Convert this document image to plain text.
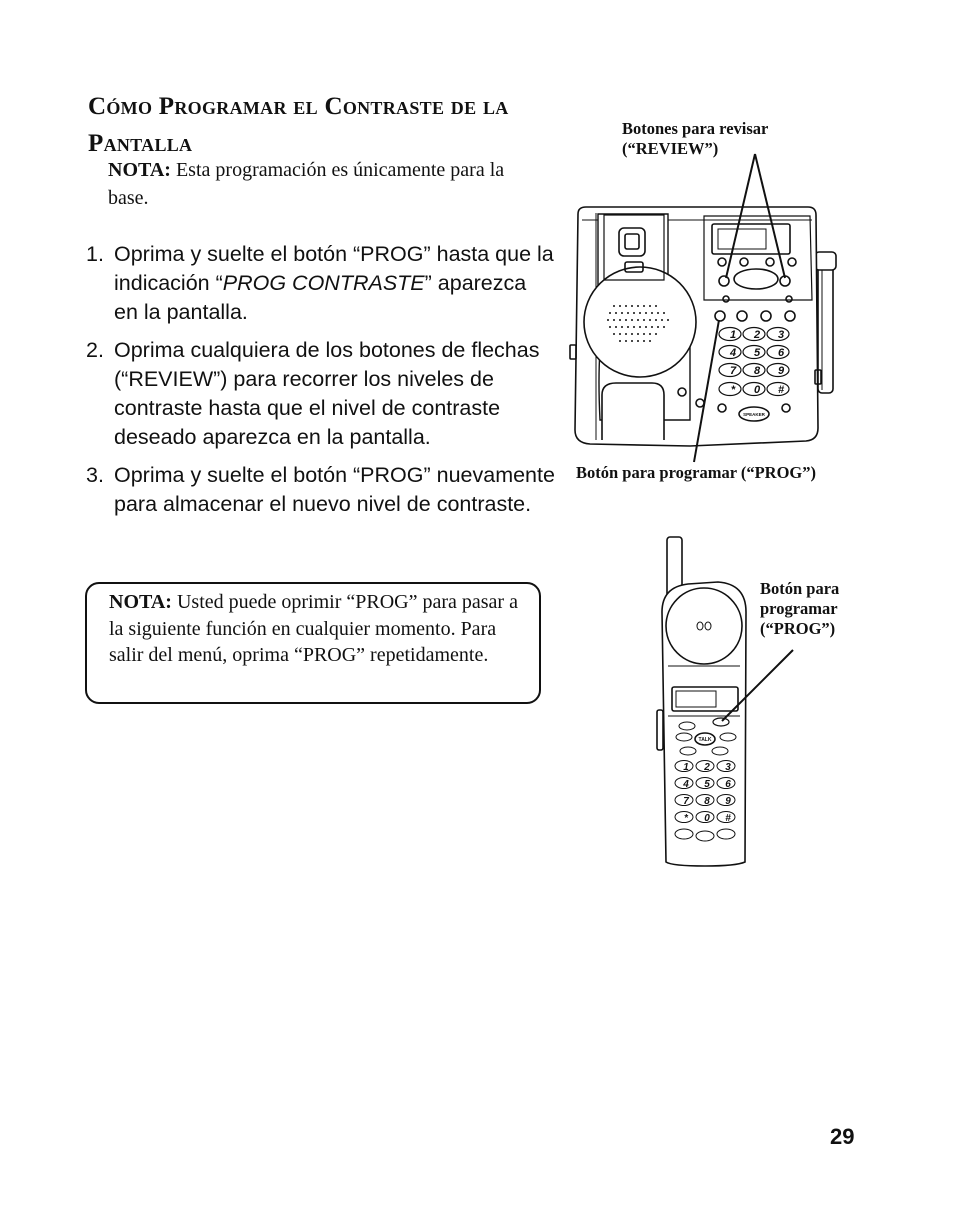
Cómo Programar el Contraste de la Pantalla
NOTA: Esta programación es únicamente para la base.
1. Oprima y suelte el botón “PROG” hasta que la indicación “PROG CONTRASTE” aparezca en la pantalla.
2. Oprima cualquiera de los botones de flechas (“REVIEW”) para recorrer los niveles de contraste hasta que el nivel de contraste deseado aparezca en la pantalla.
3. Oprima y suelte el botón “PROG” nuevamente para almacenar el nuevo nivel de contraste.
NOTA: Usted puede oprimir “PROG” para pasar a la siguiente función en cualquier momento. Para salir del menú, oprima “PROG” repetidamente.
1 2 3
4 5 6
7 8 9
* 0 #
SPEAKER
1 2 3
4 5 6
7 8 9
* 0 #
TALK
Botones para revisar (“REVIEW”)
Botón para programar (“PROG”)
Botón para programar (“PROG”)
29
